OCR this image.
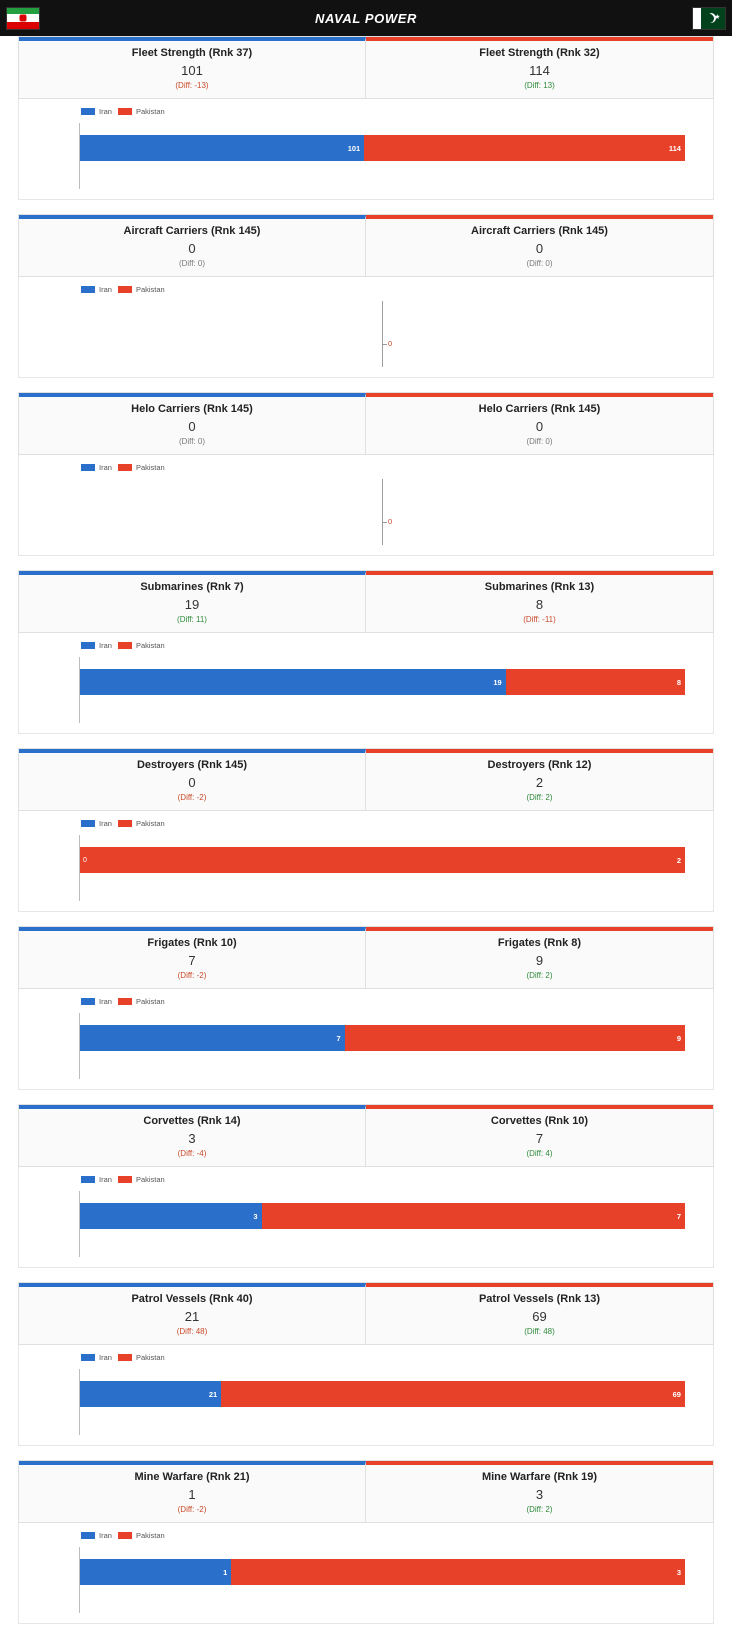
NAVAL POWER	★
Fleet Strength (Rnk 37)
101
(Diff: -13)
Fleet Strength (Rnk 32)
114
(Diff: 13)
Iran	Pakistan
101	114
Aircraft Carriers (Rnk 145)
0
(Diff: 0)
Aircraft Carriers (Rnk 145)
0
(Diff: 0)
Iran	Pakistan
0
Helo Carriers (Rnk 145)
0
(Diff: 0)
Helo Carriers (Rnk 145)
0
(Diff: 0)
Iran	Pakistan
0
Submarines (Rnk 7)
19
(Diff: 11)
Submarines (Rnk 13)
8
(Diff: -11)
Iran	Pakistan
19	8
Destroyers (Rnk 145)
0
(Diff: -2)
Destroyers (Rnk 12)
2
(Diff: 2)
Iran	Pakistan
0	2
Frigates (Rnk 10)
7
(Diff: -2)
Frigates (Rnk 8)
9
(Diff: 2)
Iran	Pakistan
7	9
Corvettes (Rnk 14)
3
(Diff: -4)
Corvettes (Rnk 10)
7
(Diff: 4)
Iran	Pakistan
3	7
Patrol Vessels (Rnk 40)
21
(Diff: 48)
Patrol Vessels (Rnk 13)
69
(Diff: 48)
Iran	Pakistan
21	69
Mine Warfare (Rnk 21)
1
(Diff: -2)
Mine Warfare (Rnk 19)
3
(Diff: 2)
Iran	Pakistan
1	3
